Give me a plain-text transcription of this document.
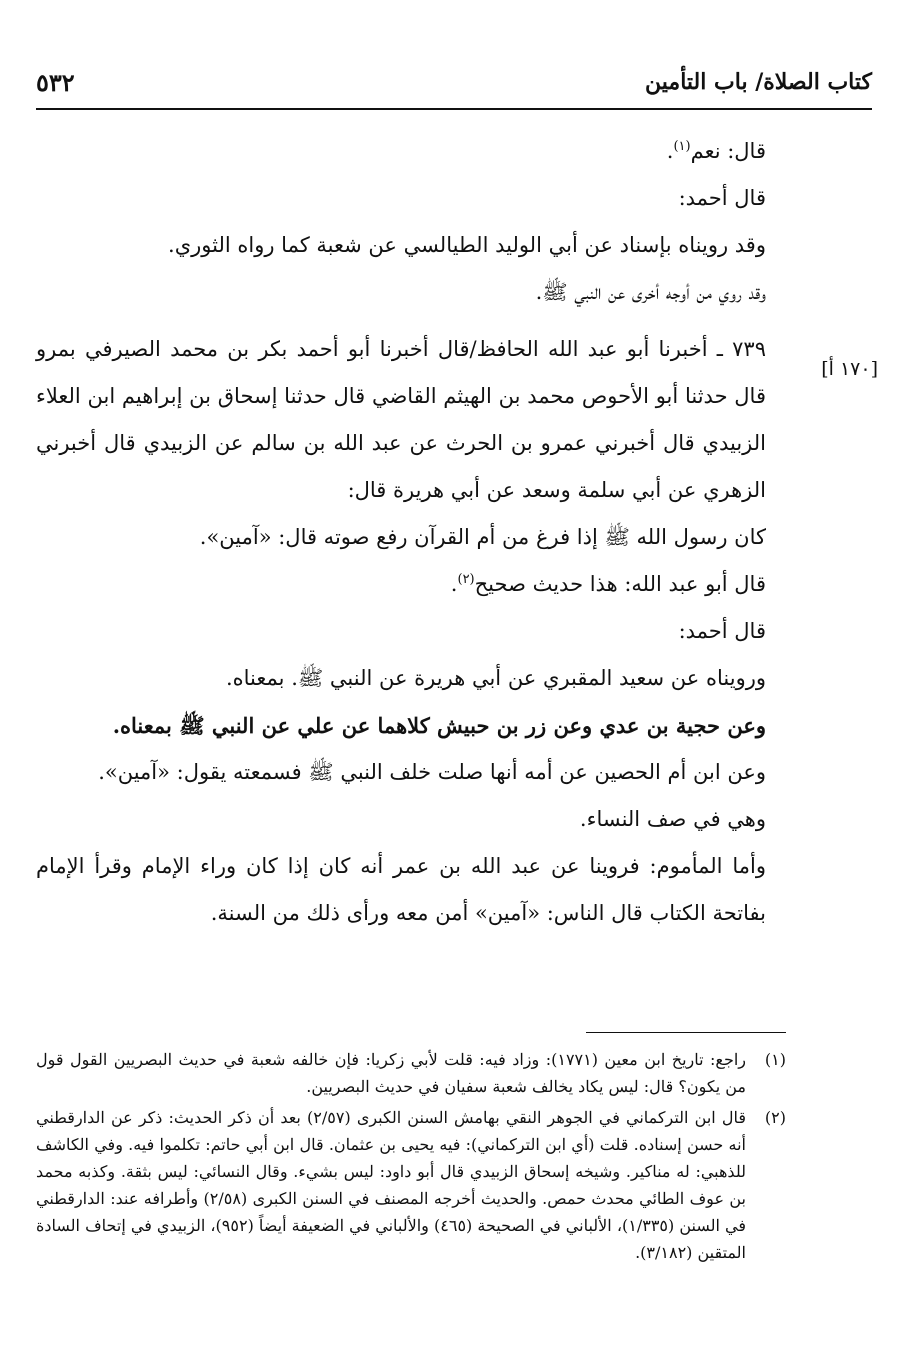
كتاب الصلاة/ باب التأمين
٥٣٢
[١٧٠ أ]

قال: نعم$^{(١)}$.

قال أحمد:

وقد رويناه بإسناد عن أبي الوليد الطيالسي عن شعبة كما رواه الثوري.

وقد روي من أوجه أخرى عن النبي ﷺ.

٧٣٩ ـ أخبرنا أبو عبد الله الحافظ/قال أخبرنا أبو أحمد بكر بن محمد الصيرفي بمرو قال حدثنا أبو الأحوص محمد بن الهيثم القاضي قال حدثنا إسحاق بن إبراهيم ابن العلاء الزبيدي قال أخبرني عمرو بن الحرث عن عبد الله بن سالم عن الزبيدي قال أخبرني الزهري عن أبي سلمة وسعد عن أبي هريرة قال:

كان رسول الله ﷺ إذا فرغ من أم القرآن رفع صوته قال: «آمين».

قال أبو عبد الله: هذا حديث صحيح$^{(٢)}$.

قال أحمد:

ورويناه عن سعيد المقبري عن أبي هريرة عن النبي ﷺ. بمعناه.

وعن حجية بن عدي وعن زر بن حبيش كلاهما عن علي عن النبي ﷺ بمعناه.

وعن ابن أم الحصين عن أمه أنها صلت خلف النبي ﷺ فسمعته يقول: «آمين».

وهي في صف النساء.

وأما المأموم: فروينا عن عبد الله بن عمر أنه كان إذا كان وراء الإمام وقرأ الإمام بفاتحة الكتاب قال الناس: «آمين» أمن معه ورأى ذلك من السنة.

(١)
راجع: تاريخ ابن معين (١٧٧١): وزاد فيه: قلت لأبي زكريا: فإن خالفه شعبة في حديث البصريين القول قول من يكون؟ قال: ليس يكاد يخالف شعبة سفيان في حديث البصريين.
(٢)
قال ابن التركماني في الجوهر النقي بهامش السنن الكبرى (٢/٥٧) بعد أن ذكر الحديث: ذكر عن الدارقطني أنه حسن إسناده. قلت (أي ابن التركماني): فيه يحيى بن عثمان. قال ابن أبي حاتم: تكلموا فيه. وفي الكاشف للذهبي: له مناكير. وشيخه إسحاق الزبيدي قال أبو داود: ليس بشيء. وقال النسائي: ليس بثقة. وكذبه محمد بن عوف الطائي محدث حمص. والحديث أخرجه المصنف في السنن الكبرى (٢/٥٨) وأطرافه عند: الدارقطني في السنن (١/٣٣٥)، الألباني في الصحيحة (٤٦٥) والألباني في الضعيفة أيضاً (٩٥٢)، الزبيدي في إتحاف السادة المتقين (٣/١٨٢).
